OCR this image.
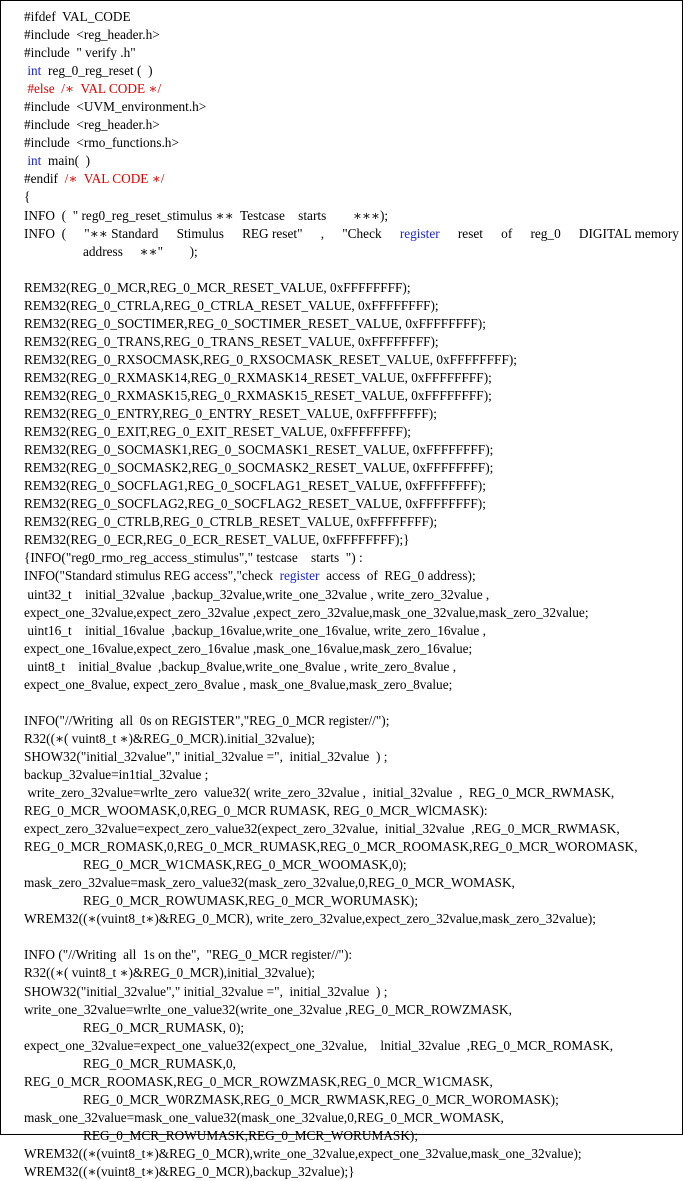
#ifdef  VAL_CODE
#include  <reg_header.h>
#include  " verify .h"
int  reg_0_reg_reset (  )
#else  /∗  VAL CODE ∗/
#include  <UVM_environment.h>
#include  <reg_header.h>
#include  <rmo_functions.h>
int  main(  )
#endif  /∗  VAL CODE ∗/
{
INFO  (  " reg0_reg_reset_stimulus ∗∗  Testcase    starts        ∗∗∗);
INFO  ( "∗∗ Standard Stimulus REG reset" , "Check register reset of reg_0 DIGITAL memory
address     ∗∗"        );
REM32(REG_0_MCR,REG_0_MCR_RESET_VALUE, 0xFFFFFFFF);
REM32(REG_0_CTRLA,REG_0_CTRLA_RESET_VALUE, 0xFFFFFFFF);
REM32(REG_0_SOCTIMER,REG_0_SOCTIMER_RESET_VALUE, 0xFFFFFFFF);
REM32(REG_0_TRANS,REG_0_TRANS_RESET_VALUE, 0xFFFFFFFF);
REM32(REG_0_RXSOCMASK,REG_0_RXSOCMASK_RESET_VALUE, 0xFFFFFFFF);
REM32(REG_0_RXMASK14,REG_0_RXMASK14_RESET_VALUE, 0xFFFFFFFF);
REM32(REG_0_RXMASK15,REG_0_RXMASK15_RESET_VALUE, 0xFFFFFFFF);
REM32(REG_0_ENTRY,REG_0_ENTRY_RESET_VALUE, 0xFFFFFFFF);
REM32(REG_0_EXIT,REG_0_EXIT_RESET_VALUE, 0xFFFFFFFF);
REM32(REG_0_SOCMASK1,REG_0_SOCMASK1_RESET_VALUE, 0xFFFFFFFF);
REM32(REG_0_SOCMASK2,REG_0_SOCMASK2_RESET_VALUE, 0xFFFFFFFF);
REM32(REG_0_SOCFLAG1,REG_0_SOCFLAG1_RESET_VALUE, 0xFFFFFFFF);
REM32(REG_0_SOCFLAG2,REG_0_SOCFLAG2_RESET_VALUE, 0xFFFFFFFF);
REM32(REG_0_CTRLB,REG_0_CTRLB_RESET_VALUE, 0xFFFFFFFF);
REM32(REG_0_ECR,REG_0_ECR_RESET_VALUE, 0xFFFFFFFF);}
{INFO("reg0_rmo_reg_access_stimulus"," testcase    starts  ") :
INFO("Standard stimulus REG access","check  register  access  of  REG_0 address);
uint32_t    initial_32value  ,backup_32value,write_one_32value , write_zero_32value ,
expect_one_32value,expect_zero_32value ,expect_zero_32value,mask_one_32value,mask_zero_32value;
uint16_t    initial_16value  ,backup_16value,write_one_16value, write_zero_16value ,
expect_one_16value,expect_zero_16value ,mask_one_16value,mask_zero_16value;
uint8_t    initial_8value  ,backup_8value,write_one_8value , write_zero_8value ,
expect_one_8value, expect_zero_8value , mask_one_8value,mask_zero_8value;
INFO("//Writing  all  0s on REGISTER","REG_0_MCR register//");
R32((∗( vuint8_t ∗)&REG_0_MCR).initial_32value);
SHOW32("initial_32value"," initial_32value =",  initial_32value  ) ;
backup_32value=in1tial_32value ;
write_zero_32value=wrlte_zero  value32( write_zero_32value ,  initial_32value  ,  REG_0_MCR_RWMASK,
REG_0_MCR_WOOMASK,0,REG_0_MCR RUMASK, REG_0_MCR_WlCMASK):
expect_zero_32value=expect_zero_value32(expect_zero_32value,  initial_32value  ,REG_0_MCR_RWMASK,
REG_0_MCR_ROMASK,0,REG_0_MCR_RUMASK,REG_0_MCR_ROOMASK,REG_0_MCR_WOROMASK,
REG_0_MCR_W1CMASK,REG_0_MCR_WOOMASK,0);
mask_zero_32value=mask_zero_value32(mask_zero_32value,0,REG_0_MCR_WOMASK,
REG_0_MCR_ROWUMASK,REG_0_MCR_WORUMASK);
WREM32((∗(vuint8_t∗)&REG_0_MCR), write_zero_32value,expect_zero_32value,mask_zero_32value);
INFO ("//Writing  all  1s on the",  "REG_0_MCR register//"):
R32((∗( vuint8_t ∗)&REG_0_MCR),initial_32value);
SHOW32("initial_32value"," initial_32value =",  initial_32value  ) ;
write_one_32value=wrlte_one_value32(write_one_32value ,REG_0_MCR_ROWZMASK,
REG_0_MCR_RUMASK, 0);
expect_one_32value=expect_one_value32(expect_one_32value,    lnitial_32value  ,REG_0_MCR_ROMASK,
REG_0_MCR_RUMASK,0,
REG_0_MCR_ROOMASK,REG_0_MCR_ROWZMASK,REG_0_MCR_W1CMASK,
REG_0_MCR_W0RZMASK,REG_0_MCR_RWMASK,REG_0_MCR_WOROMASK);
mask_one_32value=mask_one_value32(mask_one_32value,0,REG_0_MCR_WOMASK,
REG_0_MCR_ROWUMASK,REG_0_MCR_WORUMASK);
WREM32((∗(vuint8_t∗)&REG_0_MCR),write_one_32value,expect_one_32value,mask_one_32value);
WREM32((∗(vuint8_t∗)&REG_0_MCR),backup_32value);}
